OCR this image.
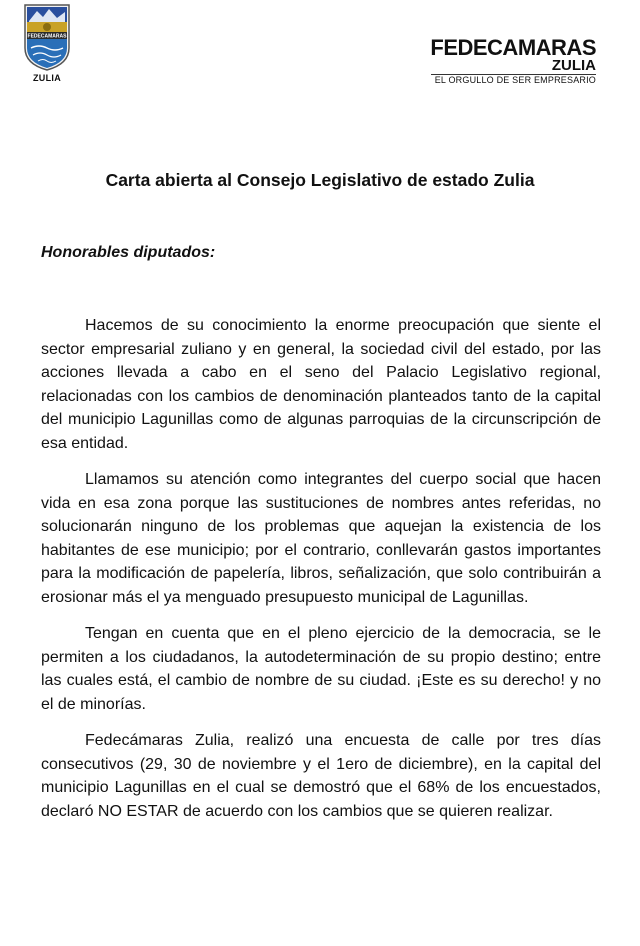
FEDECAMARAS
ZULIA
FEDECAMARAS
ZULIA
EL ORGULLO DE SER EMPRESARIO
Carta abierta al Consejo Legislativo de estado Zulia
Honorables diputados:

Hacemos de su conocimiento la enorme preocupación que siente el sector empresarial zuliano y en general, la sociedad civil del estado, por las acciones llevada a cabo en el seno del Palacio Legislativo regional, relacionadas con los cambios de denominación planteados tanto de la capital del municipio Lagunillas como de algunas parroquias de la circunscripción de esa entidad.

Llamamos su atención como integrantes del cuerpo social que hacen vida en esa zona porque las sustituciones de nombres antes referidas, no solucionarán ninguno de los problemas que aquejan la existencia de los habitantes de ese municipio; por el contrario, conllevarán gastos importantes para la modificación de papelería, libros, señalización, que solo contribuirán a erosionar más el ya menguado presupuesto municipal de Lagunillas.

Tengan en cuenta que en el pleno ejercicio de la democracia, se le permiten a los ciudadanos, la autodeterminación de su propio destino; entre las cuales está, el cambio de nombre de su ciudad. ¡Este es su derecho! y no el de minorías.

Fedecámaras Zulia, realizó una encuesta de calle por tres días consecutivos (29, 30 de noviembre y el 1ero de diciembre), en la capital del municipio Lagunillas en el cual se demostró que el 68% de los encuestados, declaró NO ESTAR de acuerdo con los cambios que se quieren realizar.
